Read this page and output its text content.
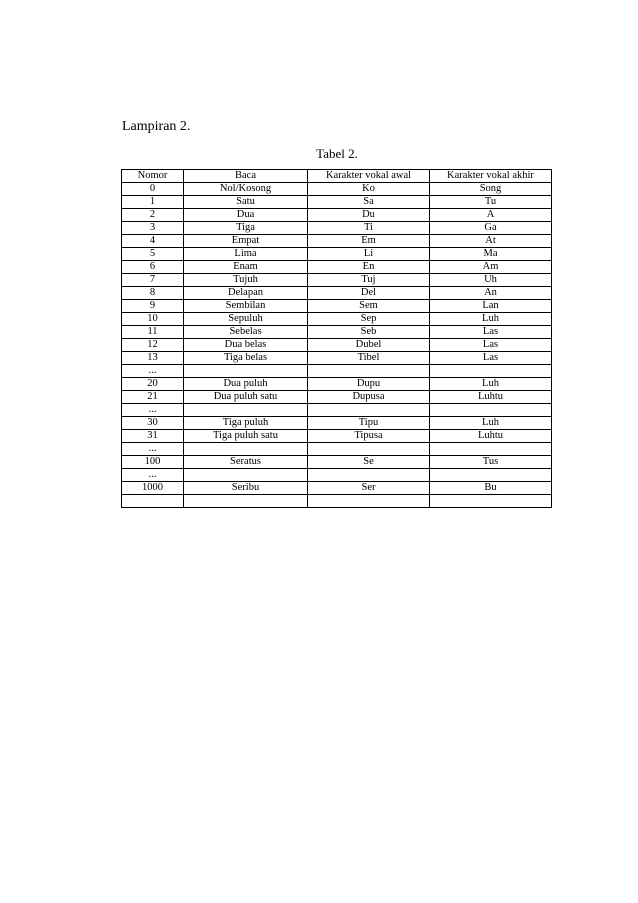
Lampiran 2.

Tabel 2.

Nomor	Baca	Karakter vokal awal	Karakter vokal akhir
0	Nol/Kosong	Ko	Song
1	Satu	Sa	Tu
2	Dua	Du	A
3	Tiga	Ti	Ga
4	Empat	Em	At
5	Lima	Li	Ma
6	Enam	En	Am
7	Tujuh	Tuj	Uh
8	Delapan	Del	An
9	Sembilan	Sem	Lan
10	Sepuluh	Sep	Luh
11	Sebelas	Seb	Las
12	Dua belas	Dubel	Las
13	Tiga belas	Tibel	Las
...			
20	Dua puluh	Dupu	Luh
21	Dua puluh satu	Dupusa	Luhtu
...			
30	Tiga puluh	Tipu	Luh
31	Tiga puluh satu	Tipusa	Luhtu
...			
100	Seratus	Se	Tus
...			
1000	Seribu	Ser	Bu
